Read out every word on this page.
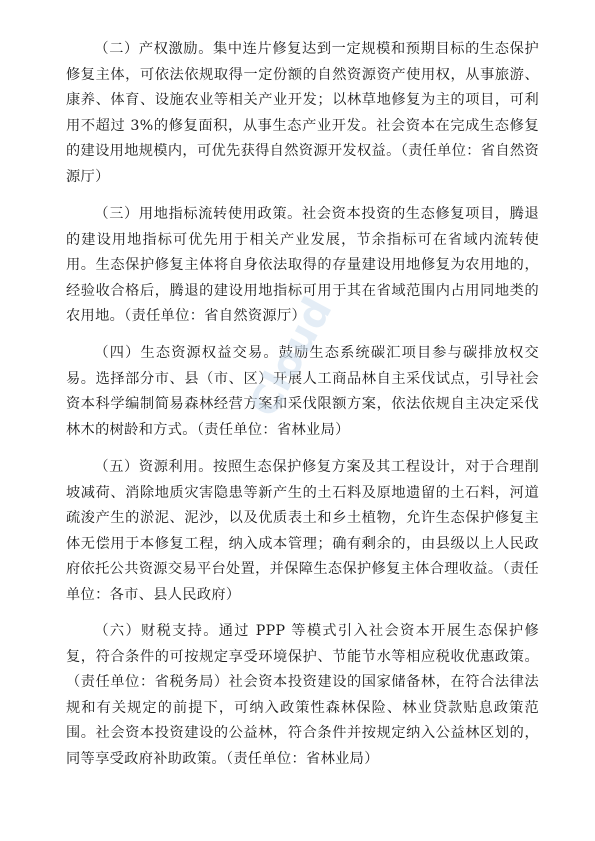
（二）产权激励。集中连片修复达到一定规模和预期目标的生态保护修复主体，可依法依规取得一定份额的自然资源资产使用权，从事旅游、康养、体育、设施农业等相关产业开发；以林草地修复为主的项目，可利用不超过 3%的修复面积，从事生态产业开发。社会资本在完成生态修复的建设用地规模内，可优先获得自然资源开发权益。（责任单位：省自然资源厅）

（三）用地指标流转使用政策。社会资本投资的生态修复项目，腾退的建设用地指标可优先用于相关产业发展，节余指标可在省域内流转使用。生态保护修复主体将自身依法取得的存量建设用地修复为农用地的，经验收合格后，腾退的建设用地指标可用于其在省域范围内占用同地类的农用地。（责任单位：省自然资源厅）

（四）生态资源权益交易。鼓励生态系统碳汇项目参与碳排放权交易。选择部分市、县（市、区）开展人工商品林自主采伐试点，引导社会资本科学编制简易森林经营方案和采伐限额方案，依法依规自主决定采伐林木的树龄和方式。（责任单位：省林业局）

（五）资源利用。按照生态保护修复方案及其工程设计，对于合理削坡减荷、消除地质灾害隐患等新产生的土石料及原地遗留的土石料，河道疏浚产生的淤泥、泥沙，以及优质表土和乡土植物，允许生态保护修复主体无偿用于本修复工程，纳入成本管理；确有剩余的，由县级以上人民政府依托公共资源交易平台处置，并保障生态保护修复主体合理收益。（责任单位：各市、县人民政府）

（六）财税支持。通过 PPP 等模式引入社会资本开展生态保护修复，符合条件的可按规定享受环境保护、节能节水等相应税收优惠政策。（责任单位：省税务局）社会资本投资建设的国家储备林，在符合法律法规和有关规定的前提下，可纳入政策性森林保险、林业贷款贴息政策范围。社会资本投资建设的公益林，符合条件并按规定纳入公益林区划的，同等享受政府补助政策。（责任单位：省林业局）

Cloud
